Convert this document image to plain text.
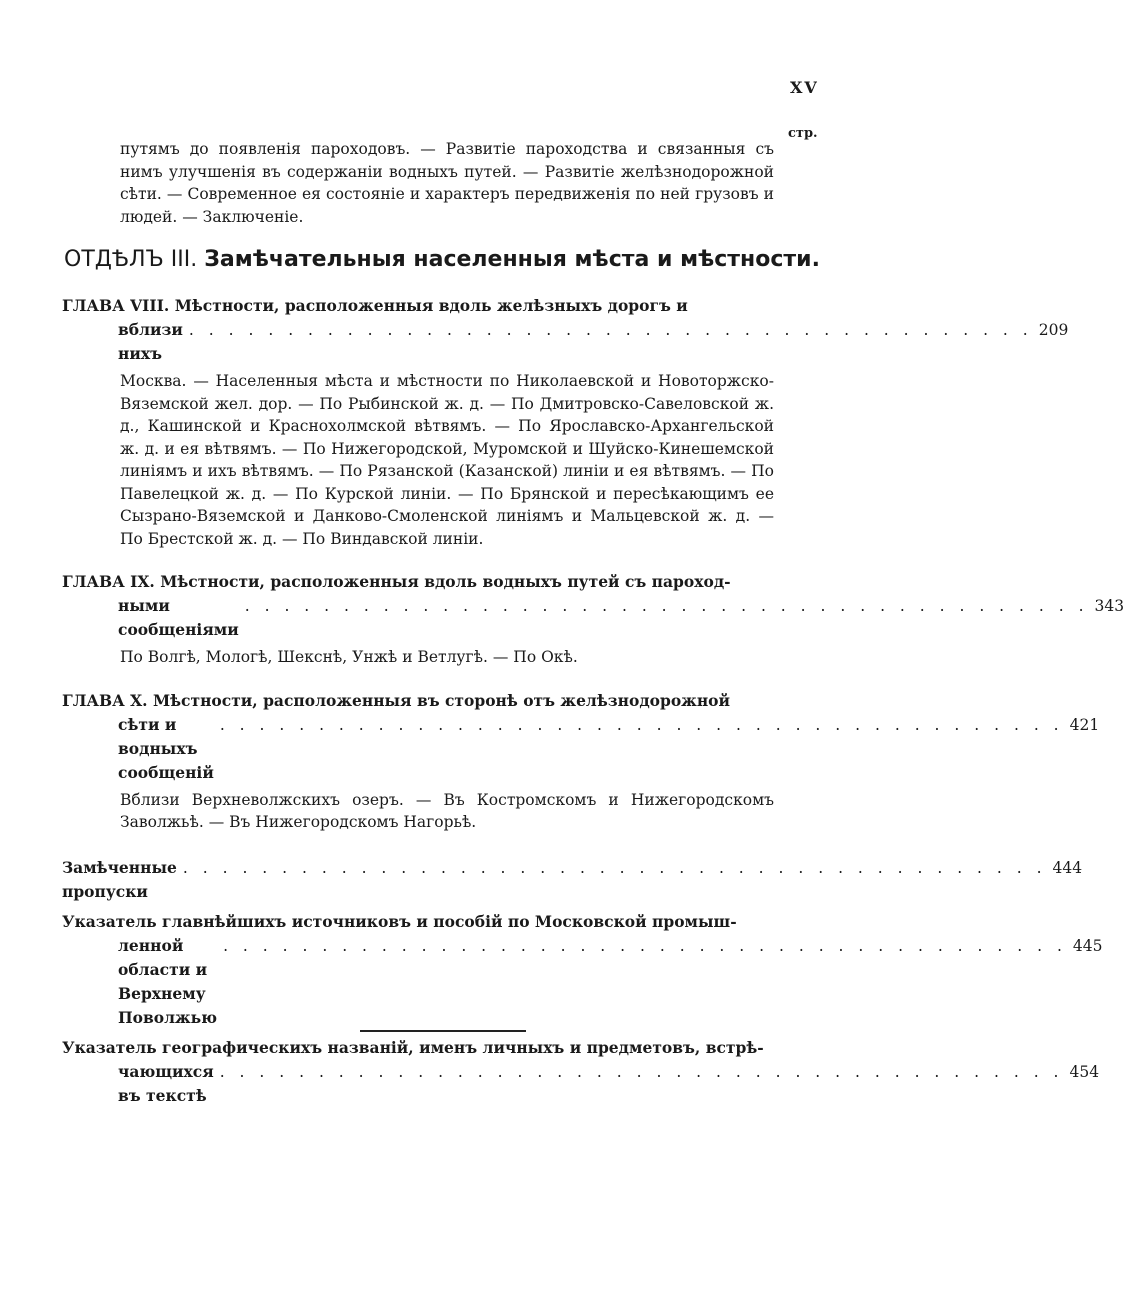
XV
стр.
путямъ до появленія пароходовъ. — Развитіе пароходства и связанныя съ нимъ улучшенія въ содержаніи водныхъ путей. — Развитіе желѣзнодорожной сѣти. — Современное ея состояніе и характеръ передвиженія по ней грузовъ и людей. — Заключеніе.
ОТДѢЛЪ III. Замѣчательныя населенныя мѣста и мѣстности.
ГЛАВА VIII. Мѣстности, расположенныя вдоль желѣзныхъ дорогъ и
вблизи нихъ
. . . . . . . . . . . . . . . . . . . . . . . . . . . . . . . . . . . . . . . . . . . 209
Москва. — Населенныя мѣста и мѣстности по Николаевской и Новоторжско-Вяземской жел. дор. — По Рыбинской ж. д. — По Дмитровско-Савеловской ж. д., Кашинской и Краснохолмской вѣтвямъ. — По Ярославско-Архангельской ж. д. и ея вѣтвямъ. — По Нижегородской, Муромской и Шуйско-Кинешемской линіямъ и ихъ вѣтвямъ. — По Рязанской (Казанской) линіи и ея вѣтвямъ. — По Павелецкой ж. д. — По Курской линіи. — По Брянской и пересѣкающимъ ее Сызрано-Вяземской и Данково-Смоленской линіямъ и Мальцевской ж. д. — По Брестской ж. д. — По Виндавской линіи.
ГЛАВА IX. Мѣстности, расположенныя вдоль водныхъ путей съ пароход-
ными сообщеніями
. . . . . . . . . . . . . . . . . . . . . . . . . . . . . . . . . . . . . . . . . . . 343
По Волгѣ, Мологѣ, Шекснѣ, Унжѣ и Ветлугѣ. — По Окѣ.
ГЛАВА X. Мѣстности, расположенныя въ сторонѣ отъ желѣзнодорожной
сѣти и водныхъ сообщеній
. . . . . . . . . . . . . . . . . . . . . . . . . . . . . . . . . . . . . . . . . . . 421
Вблизи Верхневолжскихъ озеръ. — Въ Костромскомъ и Нижегородскомъ Заволжьѣ. — Въ Нижегородскомъ Нагорьѣ.
Замѣченные пропуски
. . . . . . . . . . . . . . . . . . . . . . . . . . . . . . . . . . . . . . . . . . . . 444
Указатель главнѣйшихъ источниковъ и пособій по Московской промыш-
ленной области и Верхнему Поволжью
. . . . . . . . . . . . . . . . . . . . . . . . . . . . . . . . . . . . . . . . . . . 445
Указатель географическихъ названій, именъ личныхъ и предметовъ, встрѣ-
чающихся въ текстѣ
. . . . . . . . . . . . . . . . . . . . . . . . . . . . . . . . . . . . . . . . . . . 454
